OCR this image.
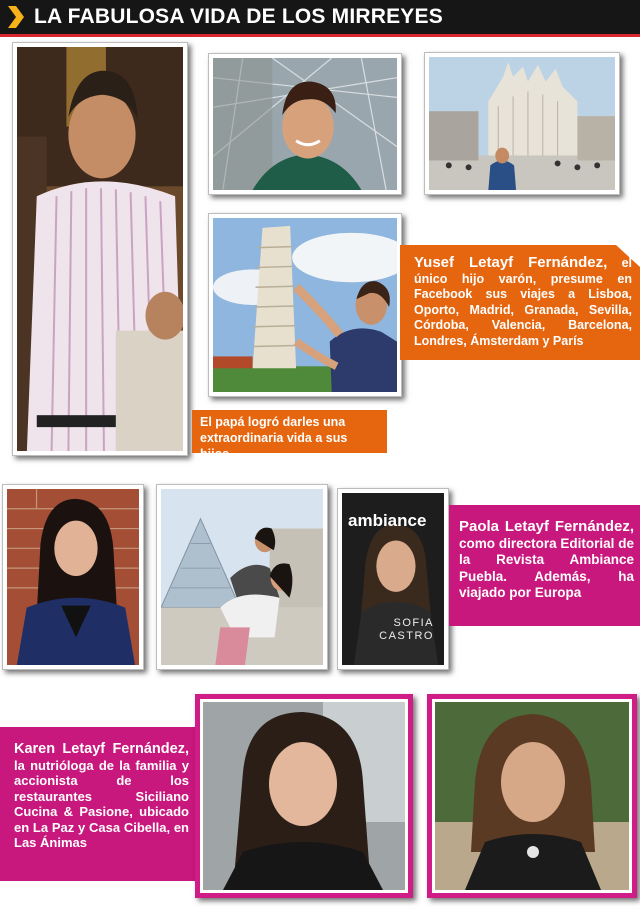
LA FABULOSA VIDA DE LOS MIRREYES
Yusef Letayf Fernández, el único hijo varón, presume en Facebook sus viajes a Lisboa, Oporto, Madrid, Granada, Sevilla, Córdoba, Valencia, Barcelona, Londres, Ámsterdam y París
El papá logró darles una extraordinaria vida a sus hijos
ambiance
SOFIA
CASTRO
Paola Letayf Fernández, como directora Editorial de la Revista Ambiance Puebla. Además, ha viajado por Europa
Karen Letayf Fernández, la nutrióloga de la familia y accionista de los restaurantes Siciliano Cucina & Pasione, ubicado en La Paz y Casa Cibella, en Las Ánimas
